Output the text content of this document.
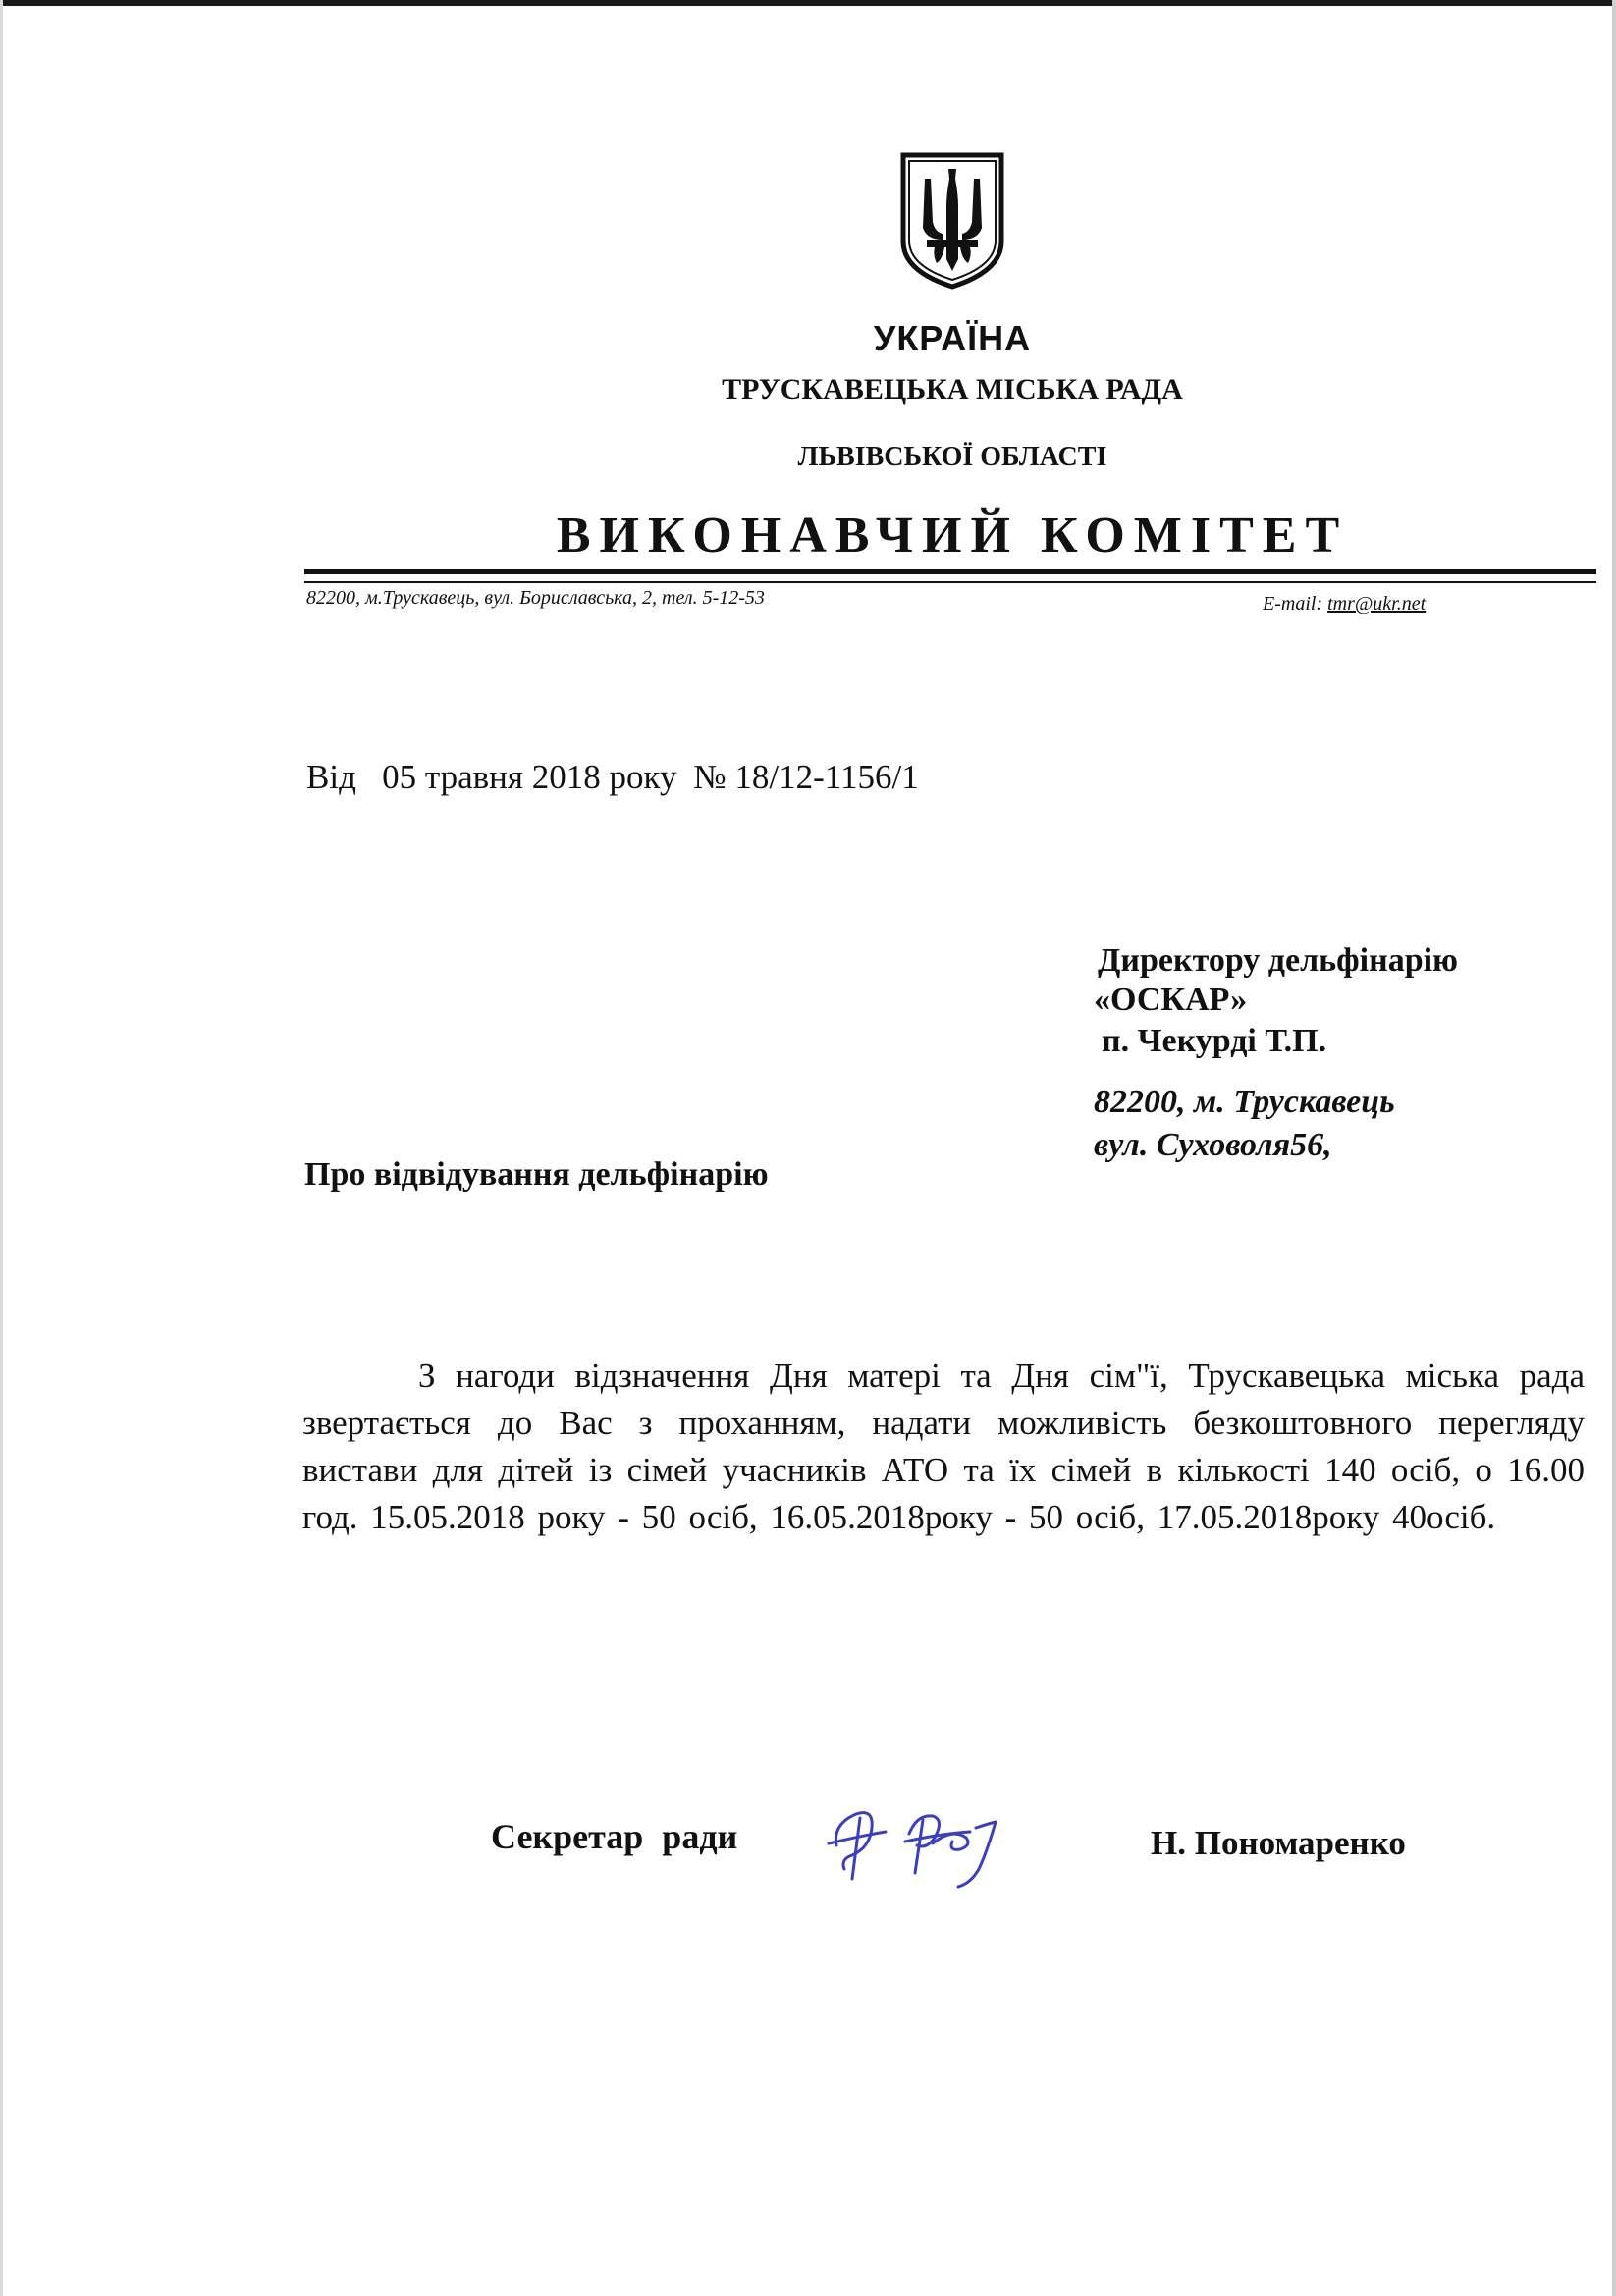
УКРАЇНА
ТРУСКАВЕЦЬКА МІСЬКА РАДА
ЛЬВІВСЬКОЇ ОБЛАСТІ
ВИКОНАВЧИЙ КОМІТЕТ
82200, м.Трускавець, вул. Бориславська, 2, тел. 5-12-53	E-mail: tmr@ukr.net
Від 05 травня 2018 року № 18/12-1156/1
Директору дельфінарію
«ОСКАР»
п. Чекурді Т.П.
82200, м. Трускавець
вул. Суховоля56,
Про відвідування дельфінарію
З нагоди відзначення Дня матері та Дня сім"ї, Трускавецька міська рада звертається до Вас з проханням, надати можливість безкоштовного перегляду вистави для дітей із сімей учасників АТО та їх сімей в кількості 140 осіб, о 16.00 год. 15.05.2018 року - 50 осіб, 16.05.2018року - 50 осіб, 17.05.2018року 40осіб.
Секретар ради	Н. Пономаренко
